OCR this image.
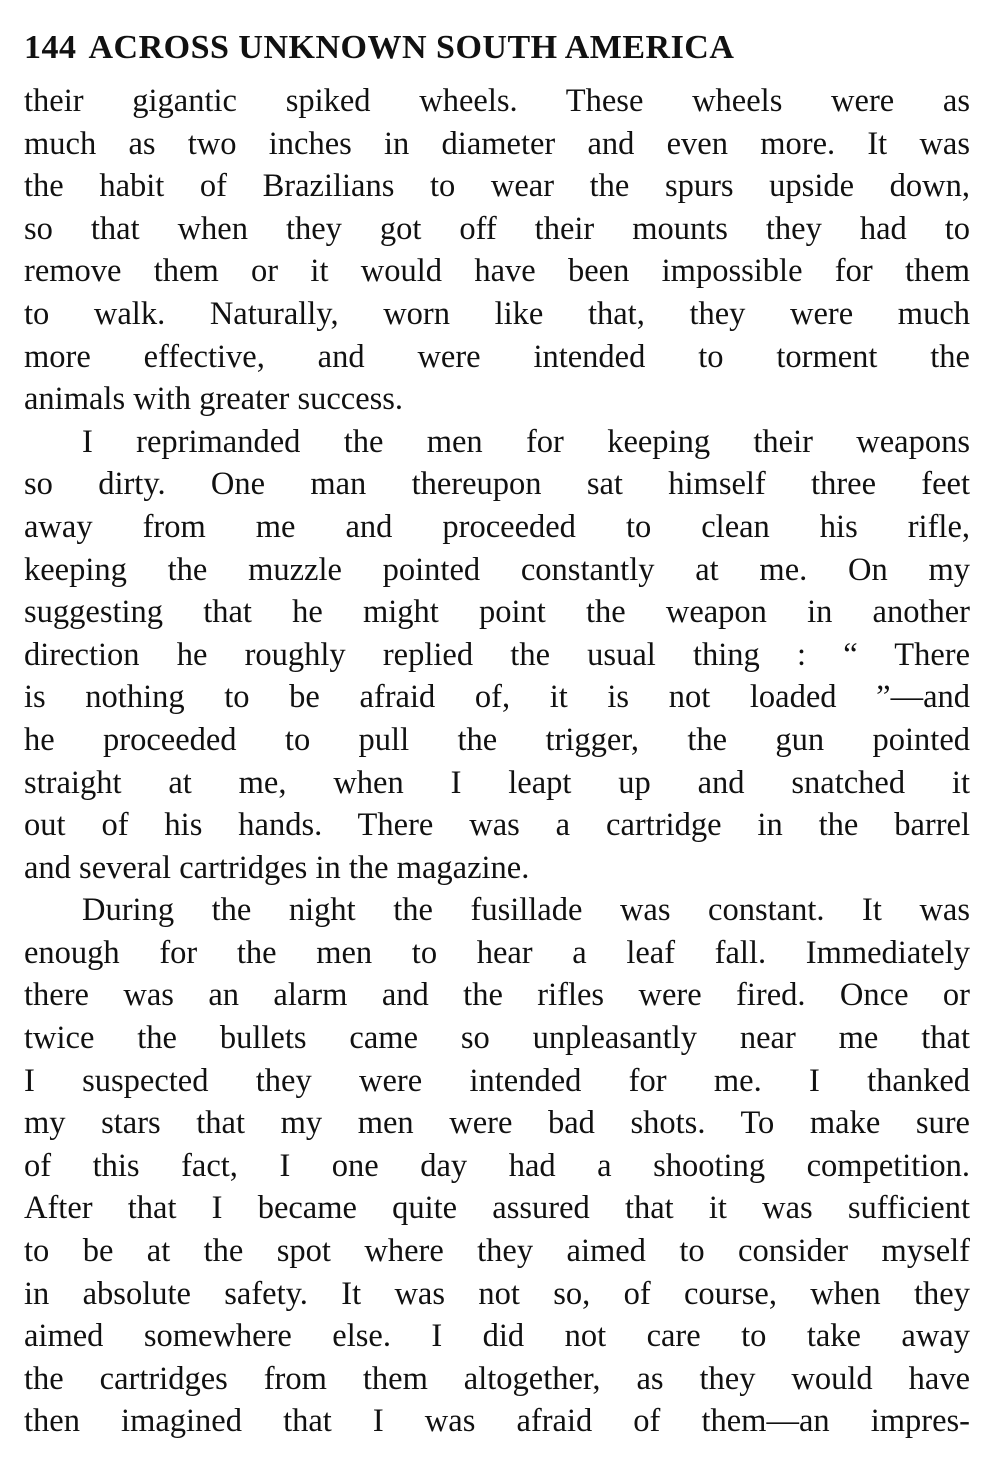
144 ACROSS UNKNOWN SOUTH AMERICA

their gigantic spiked wheels. These wheels were as
much as two inches in diameter and even more. It was
the habit of Brazilians to wear the spurs upside down,
so that when they got off their mounts they had to
remove them or it would have been impossible for them
to walk. Naturally, worn like that, they were much
more effective, and were intended to torment the
animals with greater success.

I reprimanded the men for keeping their weapons
so dirty. One man thereupon sat himself three feet
away from me and proceeded to clean his rifle,
keeping the muzzle pointed constantly at me. On my
suggesting that he might point the weapon in another
direction he roughly replied the usual thing : “ There
is nothing to be afraid of, it is not loaded ”—and
he proceeded to pull the trigger, the gun pointed
straight at me, when I leapt up and snatched it
out of his hands. There was a cartridge in the barrel
and several cartridges in the magazine.

During the night the fusillade was constant. It was
enough for the men to hear a leaf fall. Immediately
there was an alarm and the rifles were fired. Once or
twice the bullets came so unpleasantly near me that
I suspected they were intended for me. I thanked
my stars that my men were bad shots. To make sure
of this fact, I one day had a shooting competition.
After that I became quite assured that it was sufficient
to be at the spot where they aimed to consider myself
in absolute safety. It was not so, of course, when they
aimed somewhere else. I did not care to take away
the cartridges from them altogether, as they would have
then imagined that I was afraid of them—an impres-
